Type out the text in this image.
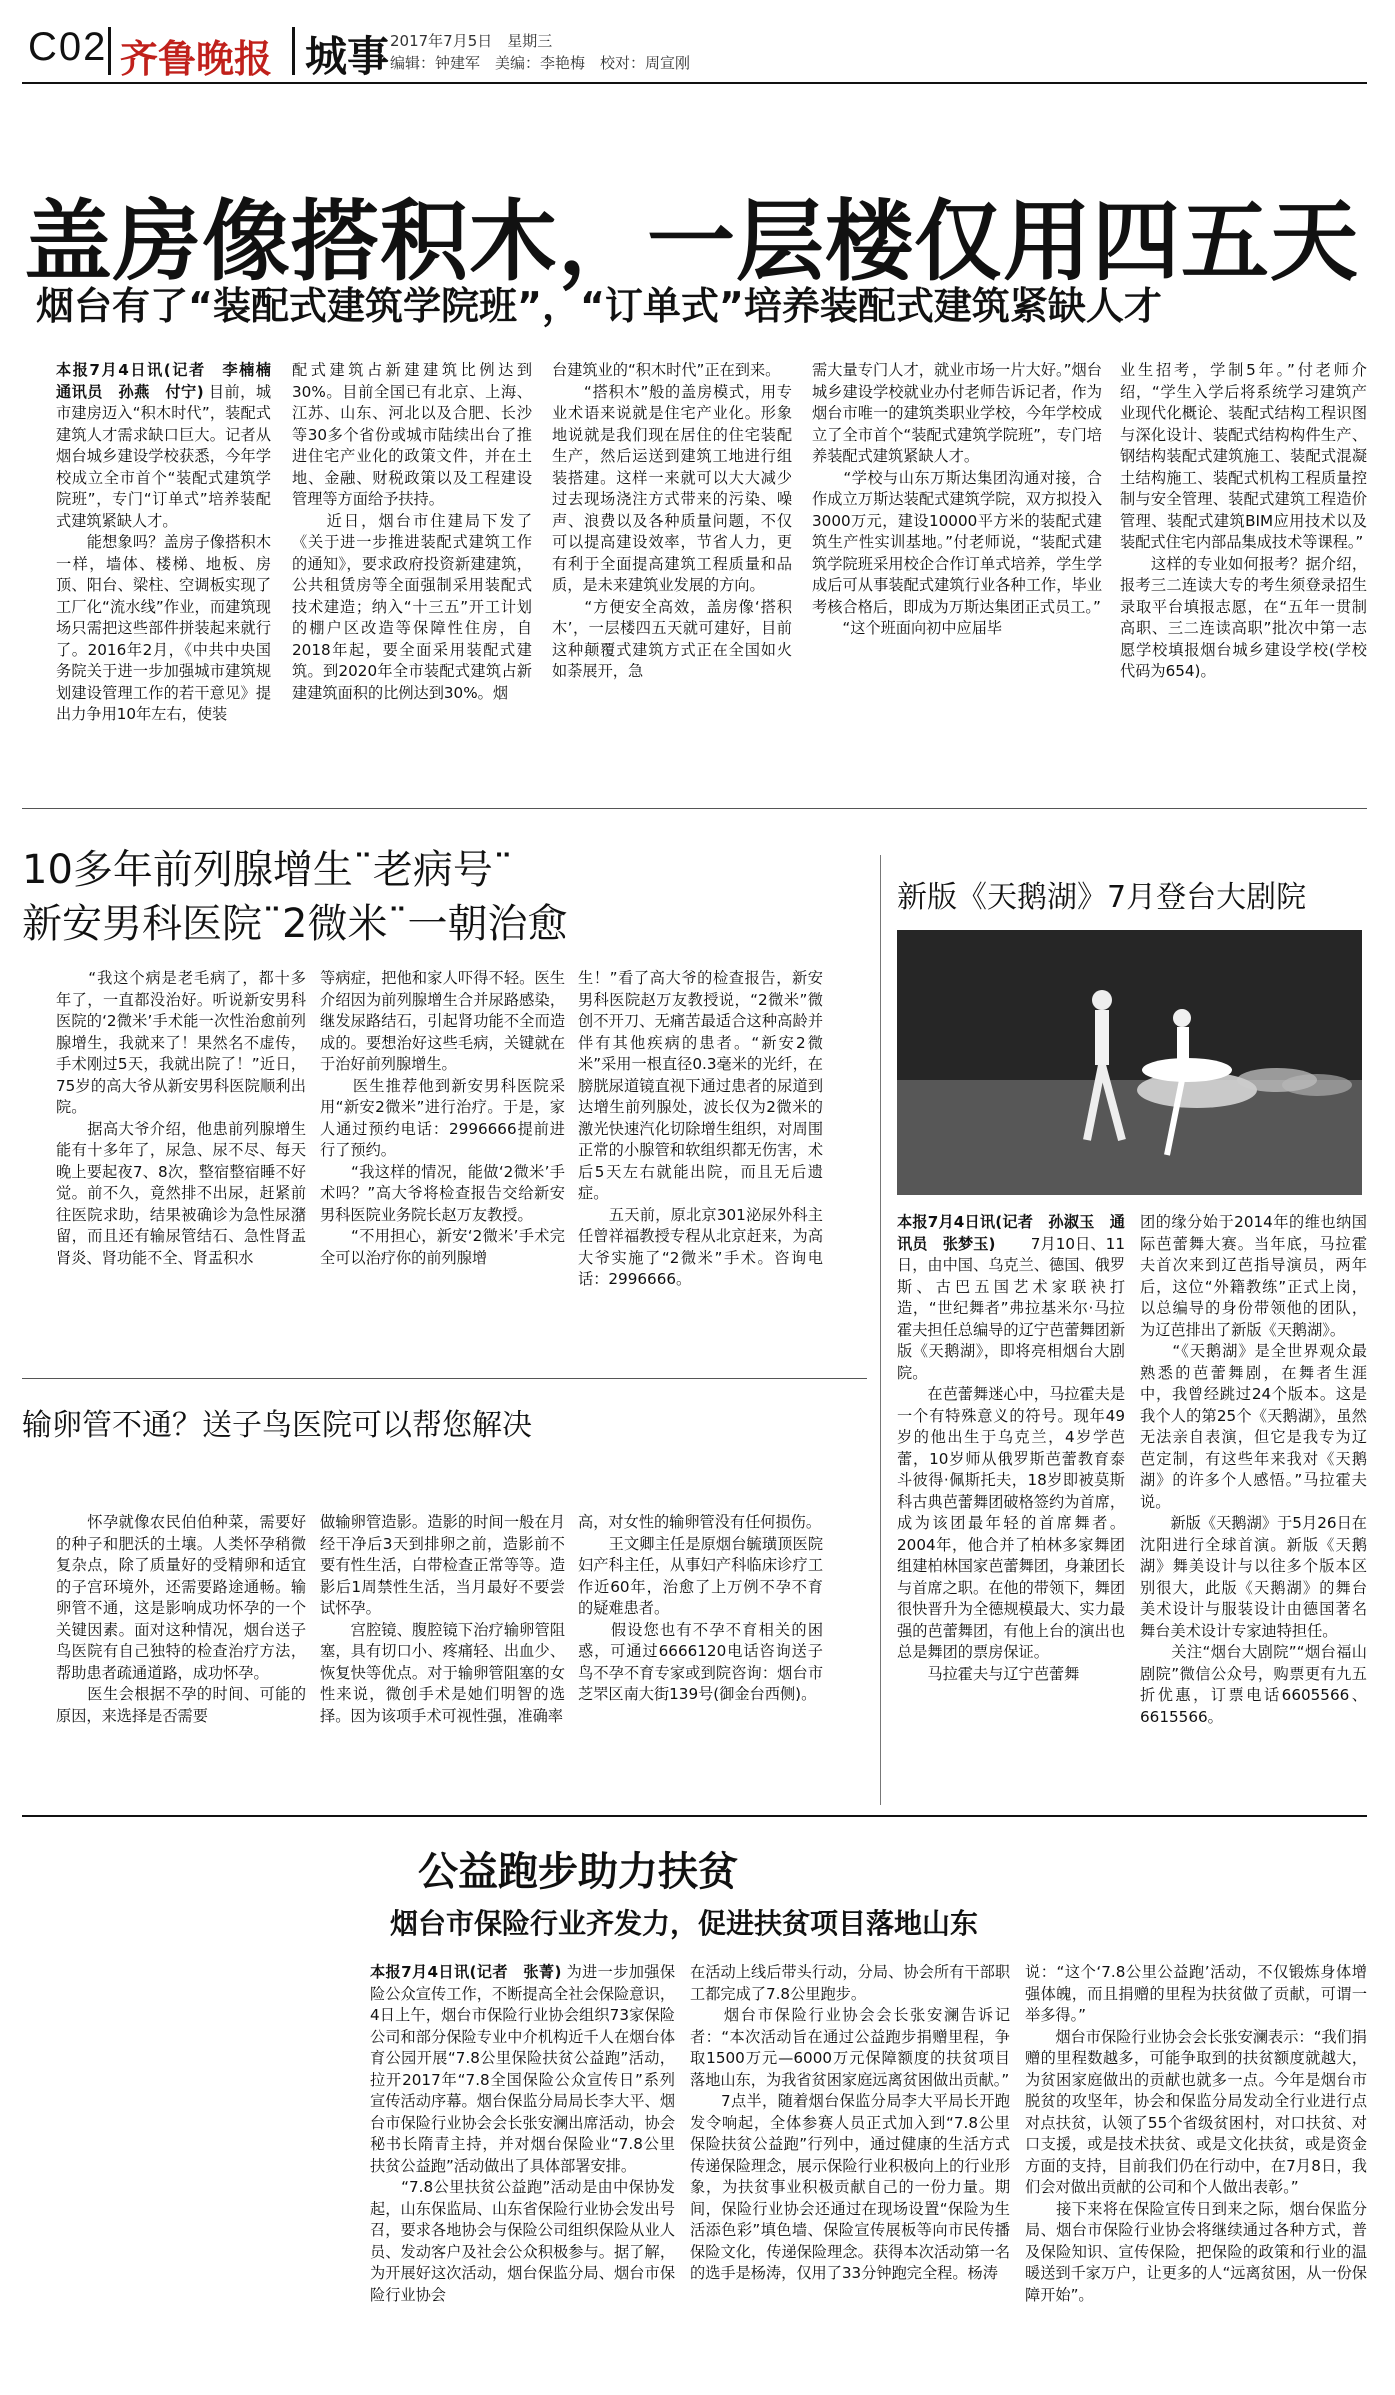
C02 齐鲁晚报 城事 2017年7月5日　星期三
编辑：钟建军　美编：李艳梅　校对：周宣刚
盖房像搭积木，一层楼仅用四五天
烟台有了“装配式建筑学院班”，“订单式”培养装配式建筑紧缺人才
本报7月4日讯(记者　李楠楠　通讯员　孙燕　付宁) 目前，城市建房迈入“积木时代”，装配式建筑人才需求缺口巨大。记者从烟台城乡建设学校获悉，今年学校成立全市首个“装配式建筑学院班”，专门“订单式”培养装配式建筑紧缺人才。
　　能想象吗？盖房子像搭积木一样，墙体、楼梯、地板、房顶、阳台、梁柱、空调板实现了工厂化“流水线”作业，而建筑现场只需把这些部件拼装起来就行了。2016年2月，《中共中央国务院关于进一步加强城市建筑规划建设管理工作的若干意见》提出力争用10年左右，使装
配式建筑占新建建筑比例达到30%。目前全国已有北京、上海、江苏、山东、河北以及合肥、长沙等30多个省份或城市陆续出台了推进住宅产业化的政策文件，并在土地、金融、财税政策以及工程建设管理等方面给予扶持。
　　近日，烟台市住建局下发了《关于进一步推进装配式建筑工作的通知》，要求政府投资新建建筑，公共租赁房等全面强制采用装配式技术建造；纳入“十三五”开工计划的棚户区改造等保障性住房，自2018年起，要全面采用装配式建筑。到2020年全市装配式建筑占新建建筑面积的比例达到30%。烟
台建筑业的“积木时代”正在到来。
　　“搭积木”般的盖房模式，用专业术语来说就是住宅产业化。形象地说就是我们现在居住的住宅装配生产，然后运送到建筑工地进行组装搭建。这样一来就可以大大减少过去现场浇注方式带来的污染、噪声、浪费以及各种质量问题，不仅可以提高建设效率，节省人力，更有利于全面提高建筑工程质量和品质，是未来建筑业发展的方向。
　　“方便安全高效，盖房像‘搭积木’，一层楼四五天就可建好，目前这种颠覆式建筑方式正在全国如火如荼展开，急
需大量专门人才，就业市场一片大好。”烟台城乡建设学校就业办付老师告诉记者，作为烟台市唯一的建筑类职业学校，今年学校成立了全市首个“装配式建筑学院班”，专门培养装配式建筑紧缺人才。
　　“学校与山东万斯达集团沟通对接，合作成立万斯达装配式建筑学院，双方拟投入3000万元，建设10000平方米的装配式建筑生产性实训基地。”付老师说，“装配式建筑学院班采用校企合作订单式培养，学生学成后可从事装配式建筑行业各种工作，毕业考核合格后，即成为万斯达集团正式员工。”
　　“这个班面向初中应届毕
业生招考，学制5年。”付老师介绍，“学生入学后将系统学习建筑产业现代化概论、装配式结构工程识图与深化设计、装配式结构构件生产、钢结构装配式建筑施工、装配式混凝土结构施工、装配式机构工程质量控制与安全管理、装配式建筑工程造价管理、装配式建筑BIM应用技术以及装配式住宅内部品集成技术等课程。”
　　这样的专业如何报考？据介绍，报考三二连读大专的考生须登录招生录取平台填报志愿，在“五年一贯制高职、三二连读高职”批次中第一志愿学校填报烟台城乡建设学校(学校代码为654)。
10多年前列腺增生¨老病号¨
新安男科医院¨2微米¨一朝治愈
　　“我这个病是老毛病了，都十多年了，一直都没治好。听说新安男科医院的‘2微米’手术能一次性治愈前列腺增生，我就来了！果然名不虚传，手术刚过5天，我就出院了！”近日，75岁的高大爷从新安男科医院顺利出院。
　　据高大爷介绍，他患前列腺增生能有十多年了，尿急、尿不尽、每天晚上要起夜7、8次，整宿整宿睡不好觉。前不久，竟然排不出尿，赶紧前往医院求助，结果被确诊为急性尿潴留，而且还有输尿管结石、急性肾盂肾炎、肾功能不全、肾盂积水
等病症，把他和家人吓得不轻。医生介绍因为前列腺增生合并尿路感染，继发尿路结石，引起肾功能不全而造成的。要想治好这些毛病，关键就在于治好前列腺增生。
　　医生推荐他到新安男科医院采用“新安2微米”进行治疗。于是，家人通过预约电话：2996666提前进行了预约。
　　“我这样的情况，能做‘2微米’手术吗？”高大爷将检查报告交给新安男科医院业务院长赵万友教授。
　　“不用担心，新安‘2微米’手术完全可以治疗你的前列腺增
生！”看了高大爷的检查报告，新安男科医院赵万友教授说，“2微米”微创不开刀、无痛苦最适合这种高龄并伴有其他疾病的患者。“新安2微米”采用一根直径0.3毫米的光纤，在膀胱尿道镜直视下通过患者的尿道到达增生前列腺处，波长仅为2微米的激光快速汽化切除增生组织，对周围正常的小腺管和软组织都无伤害，术后5天左右就能出院，而且无后遗症。
　　五天前，原北京301泌尿外科主任曾祥福教授专程从北京赶来，为高大爷实施了“2微米”手术。咨询电话：2996666。
输卵管不通？送子鸟医院可以帮您解决
　　怀孕就像农民伯伯种菜，需要好的种子和肥沃的土壤。人类怀孕稍微复杂点，除了质量好的受精卵和适宜的子宫环境外，还需要路途通畅。输卵管不通，这是影响成功怀孕的一个关键因素。面对这种情况，烟台送子鸟医院有自己独特的检查治疗方法，帮助患者疏通道路，成功怀孕。
　　医生会根据不孕的时间、可能的原因，来选择是否需要
做输卵管造影。造影的时间一般在月经干净后3天到排卵之前，造影前不要有性生活，白带检查正常等等。造影后1周禁性生活，当月最好不要尝试怀孕。
　　宫腔镜、腹腔镜下治疗输卵管阻塞，具有切口小、疼痛轻、出血少、恢复快等优点。对于输卵管阻塞的女性来说，微创手术是她们明智的选择。因为该项手术可视性强，准确率
高，对女性的输卵管没有任何损伤。
　　王文卿主任是原烟台毓璜顶医院妇产科主任，从事妇产科临床诊疗工作近60年，治愈了上万例不孕不育的疑难患者。
　　假设您也有不孕不育相关的困惑，可通过6666120电话咨询送子鸟不孕不育专家或到院咨询：烟台市芝罘区南大街139号(御金台西侧)。
新版《天鹅湖》7月登台大剧院
本报7月4日讯(记者　孙淑玉　通讯员　张梦玉) 　　7月10日、11日，由中国、乌克兰、德国、俄罗斯、古巴五国艺术家联袂打造，“世纪舞者”弗拉基米尔·马拉霍夫担任总编导的辽宁芭蕾舞团新版《天鹅湖》，即将亮相烟台大剧院。
　　在芭蕾舞迷心中，马拉霍夫是一个有特殊意义的符号。现年49岁的他出生于乌克兰，4岁学芭蕾，10岁师从俄罗斯芭蕾教育泰斗彼得·佩斯托夫，18岁即被莫斯科古典芭蕾舞团破格签约为首席，成为该团最年轻的首席舞者。2004年，他合并了柏林多家舞团组建柏林国家芭蕾舞团，身兼团长与首席之职。在他的带领下，舞团很快晋升为全德规模最大、实力最强的芭蕾舞团，有他上台的演出也总是舞团的票房保证。
　　马拉霍夫与辽宁芭蕾舞
团的缘分始于2014年的维也纳国际芭蕾舞大赛。当年底，马拉霍夫首次来到辽芭指导演员，两年后，这位“外籍教练”正式上岗，以总编导的身份带领他的团队，为辽芭排出了新版《天鹅湖》。
　　“《天鹅湖》是全世界观众最熟悉的芭蕾舞剧，在舞者生涯中，我曾经跳过24个版本。这是我个人的第25个《天鹅湖》，虽然无法亲自表演，但它是我专为辽芭定制，有这些年来我对《天鹅湖》的许多个人感悟。”马拉霍夫说。
　　新版《天鹅湖》于5月26日在沈阳进行全球首演。新版《天鹅湖》舞美设计与以往多个版本区别很大，此版《天鹅湖》的舞台美术设计与服装设计由德国著名舞台美术设计专家迪特担任。
　　关注“烟台大剧院”“烟台福山剧院”微信公众号，购票更有九五折优惠，订票电话6605566、6615566。
公益跑步助力扶贫
烟台市保险行业齐发力，促进扶贫项目落地山东
本报7月4日讯(记者　张菁) 为进一步加强保险公众宣传工作，不断提高全社会保险意识，4日上午，烟台市保险行业协会组织73家保险公司和部分保险专业中介机构近千人在烟台体育公园开展“7.8公里保险扶贫公益跑”活动，拉开2017年“7.8全国保险公众宣传日”系列宣传活动序幕。烟台保监分局局长李大平、烟台市保险行业协会会长张安澜出席活动，协会秘书长隋青主持，并对烟台保险业“7.8公里扶贫公益跑”活动做出了具体部署安排。
　　“7.8公里扶贫公益跑”活动是由中保协发起，山东保监局、山东省保险行业协会发出号召，要求各地协会与保险公司组织保险从业人员、发动客户及社会公众积极参与。据了解，为开展好这次活动，烟台保监分局、烟台市保险行业协会
在活动上线后带头行动，分局、协会所有干部职工都完成了7.8公里跑步。
　　烟台市保险行业协会会长张安澜告诉记者：“本次活动旨在通过公益跑步捐赠里程，争取1500万元—6000万元保障额度的扶贫项目落地山东，为我省贫困家庭远离贫困做出贡献。”
　　7点半，随着烟台保监分局李大平局长开跑发令响起，全体参赛人员正式加入到“7.8公里保险扶贫公益跑”行列中，通过健康的生活方式传递保险理念，展示保险行业积极向上的行业形象，为扶贫事业积极贡献自己的一份力量。期间，保险行业协会还通过在现场设置“保险为生活添色彩”填色墙、保险宣传展板等向市民传播保险文化，传递保险理念。获得本次活动第一名的选手是杨涛，仅用了33分钟跑完全程。杨涛
说：“这个‘7.8公里公益跑’活动，不仅锻炼身体增强体魄，而且捐赠的里程为扶贫做了贡献，可谓一举多得。”
　　烟台市保险行业协会会长张安澜表示：“我们捐赠的里程数越多，可能争取到的扶贫额度就越大，为贫困家庭做出的贡献也就多一点。今年是烟台市脱贫的攻坚年，协会和保监分局发动全行业进行点对点扶贫，认领了55个省级贫困村，对口扶贫、对口支援，或是技术扶贫、或是文化扶贫，或是资金方面的支持，目前我们仍在行动中，在7月8日，我们会对做出贡献的公司和个人做出表彰。”
　　接下来将在保险宣传日到来之际，烟台保监分局、烟台市保险行业协会将继续通过各种方式，普及保险知识、宣传保险，把保险的政策和行业的温暖送到千家万户，让更多的人“远离贫困，从一份保障开始”。
